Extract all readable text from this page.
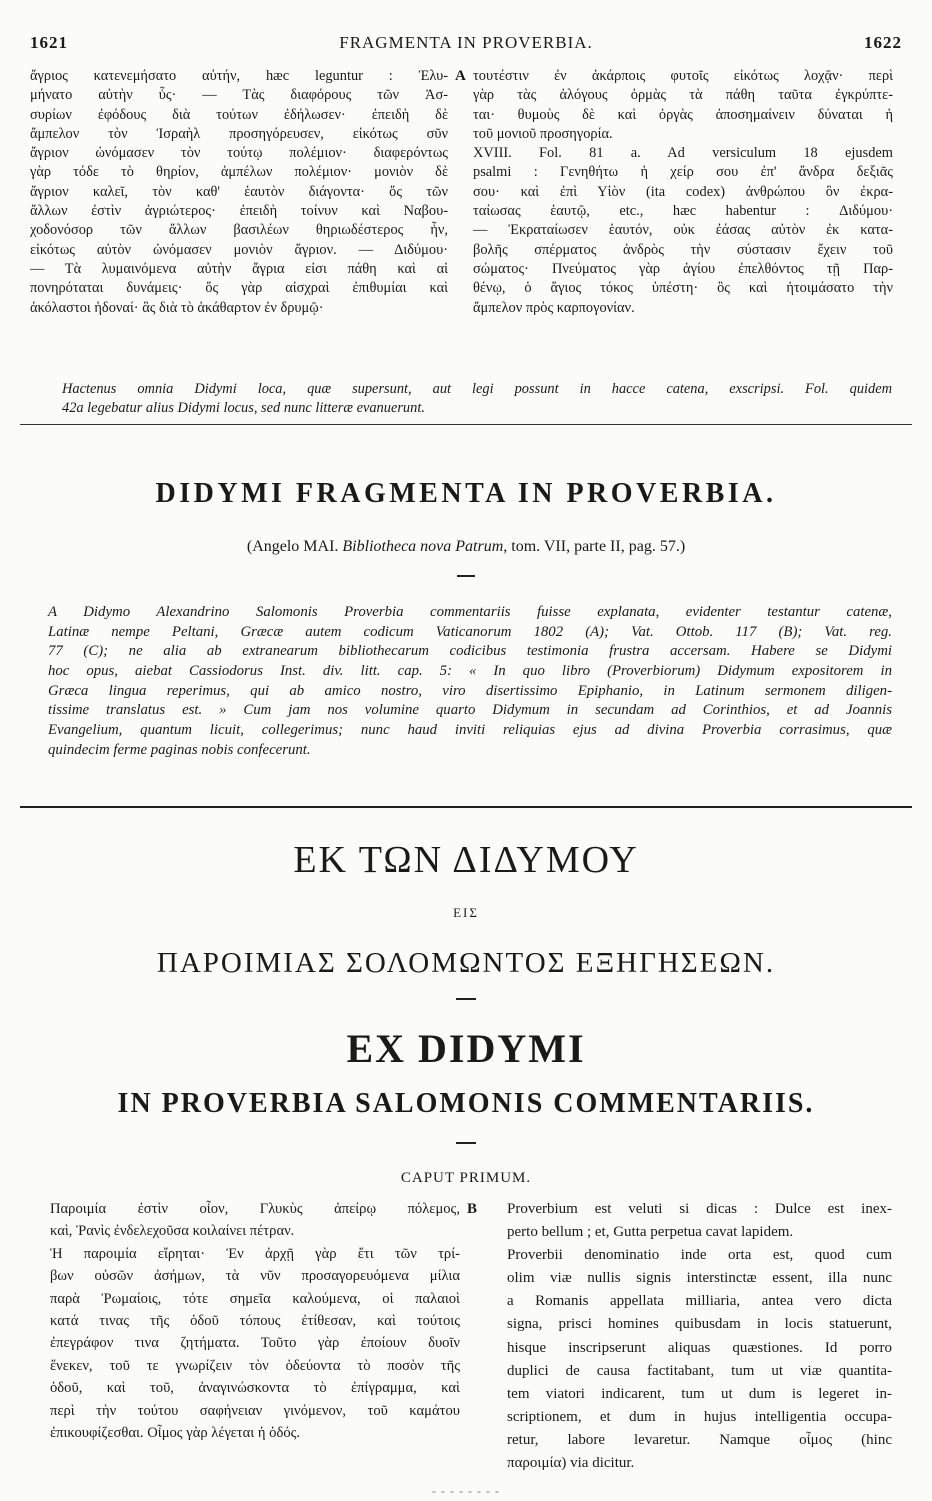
1621	FRAGMENTA IN PROVERBIA.	1622
ἄγριος κατενεμήσατο αὐτήν, hæc leguntur : Ἐλυ-
μήνατο αὐτὴν ὗς· — Τὰς διαφόρους τῶν Ἀσ-
συρίων ἐφόδους διὰ τούτων ἐδήλωσεν· ἐπειδὴ δὲ
ἄμπελον τὸν Ἰσραὴλ προσηγόρευσεν, εἰκότως σῦν
ἄγριον ὠνόμασεν τὸν τούτῳ πολέμιον· διαφερόντως
γὰρ τόδε τὸ θηρίον, ἀμπέλων πολέμιον· μονιὸν δὲ
ἄγριον καλεῖ, τὸν καθ' ἑαυτὸν διάγοντα· ὅς τῶν
ἄλλων ἐστὶν ἀγριώτερος· ἐπειδὴ τοίνυν καὶ Ναβου-
χοδονόσορ τῶν ἄλλων βασιλέων θηριωδέστερος ἦν,
εἰκότως αὐτὸν ὠνόμασεν μονιὸν ἄγριον. — Διδύμου·
— Τὰ λυμαινόμενα αὐτὴν ἄγρια εἰσι πάθη καὶ αἱ
πονηρόταται δυνάμεις· ὅς γὰρ αἰσχραὶ ἐπιθυμίαι καὶ
ἀκόλαστοι ἡδοναί· ἃς διὰ τὸ ἀκάθαρτον ἐν δρυμῷ·
A τουτέστιν ἐν ἀκάρποις φυτοῖς εἰκότως λοχᾷν· περὶ
γὰρ τὰς ἀλόγους ὁρμὰς τὰ πάθη ταῦτα ἐγκρύπτε-
ται· θυμοὺς δὲ καὶ ὀργὰς ἀποσημαίνειν δύναται ἡ
τοῦ μονιοῦ προσηγορία.
XVIII. Fol. 81 a. Ad versiculum 18 ejusdem
psalmi : Γενηθήτω ἡ χείρ σου ἐπ' ἄνδρα δεξιᾶς
σου· καὶ ἐπὶ Υἱὸν (ita codex) ἀνθρώπου ὃν ἐκρα-
ταίωσας ἑαυτῷ, etc., hæc habentur : Διδύμου·
— Ἐκραταίωσεν ἑαυτόν, οὐκ ἐάσας αὐτὸν ἐκ κατα-
βολῆς σπέρματος ἀνδρὸς τὴν σύστασιν ἔχειν τοῦ
σώματος· Πνεύματος γὰρ ἁγίου ἐπελθόντος τῇ Παρ-
θένῳ, ὁ ἅγιος τόκος ὑπέστη· ὃς καὶ ἡτοιμάσατο τὴν
ἄμπελον πρὸς καρπογονίαν.
Hactenus omnia Didymi loca, quæ supersunt, aut legi possunt in hacce catena, exscripsi. Fol. quidem
42a legebatur alius Didymi locus, sed nunc litteræ evanuerunt.
DIDYMI FRAGMENTA IN PROVERBIA.
(Angelo MAI. Bibliotheca nova Patrum, tom. VII, parte II, pag. 57.)
A Didymo Alexandrino Salomonis Proverbia commentariis fuisse explanata, evidenter testantur catenæ,
Latinæ nempe Peltani, Græcæ autem codicum Vaticanorum 1802 (A); Vat. Ottob. 117 (B); Vat. reg.
77 (C); ne alia ab extranearum bibliothecarum codicibus testimonia frustra accersam. Habere se Didymi
hoc opus, aiebat Cassiodorus Inst. div. litt. cap. 5: « In quo libro (Proverbiorum) Didymum expositorem in
Græca lingua reperimus, qui ab amico nostro, viro disertissimo Epiphanio, in Latinum sermonem diligen-
tissime translatus est. » Cum jam nos volumine quarto Didymum in secundam ad Corinthios, et ad Joannis
Evangelium, quantum licuit, collegerimus; nunc haud inviti reliquias ejus ad divina Proverbia corrasimus, quæ
quindecim ferme paginas nobis confecerunt.
ΕΚ ΤΩΝ ΔΙΔΥΜΟΥ
ΕΙΣ
ΠΑΡΟΙΜΙΑΣ ΣΟΛΟΜΩΝΤΟΣ ΕΞΗΓΗΣΕΩΝ.
EX DIDYMI
IN PROVERBIA SALOMONIS COMMENTARIIS.
CAPUT PRIMUM.
Παροιμία ἐστὶν οἷον, Γλυκὺς ἀπείρῳ πόλεμος,
καὶ, Ῥανὶς ἐνδελεχοῦσα κοιλαίνει πέτραν.
Ἡ παροιμία εἴρηται· Ἐν ἀρχῇ γὰρ ἔτι τῶν τρί-
βων οὐσῶν ἀσήμων, τὰ νῦν προσαγορευόμενα μίλια
παρὰ Ῥωμαίοις, τότε σημεῖα καλούμενα, οἱ παλαιοὶ
κατά τινας τῆς ὁδοῦ τόπους ἐτίθεσαν, καὶ τούτοις
ἐπεγράφον τινα ζητήματα. Τοῦτο γὰρ ἐποίουν δυοῖν
ἕνεκεν, τοῦ τε γνωρίζειν τὸν ὁδεύοντα τὸ ποσὸν τῆς
ὁδοῦ, καὶ τοῦ, ἀναγινώσκοντα τὸ ἐπίγραμμα, καὶ
περὶ τὴν τούτου σαφήνειαν γινόμενον, τοῦ καμάτου
ἐπικουφίζεσθαι. Οἶμος γὰρ λέγεται ἡ ὁδός.
B Proverbium est veluti si dicas : Dulce est inex-
perto bellum ; et, Gutta perpetua cavat lapidem.
Proverbii denominatio inde orta est, quod cum
olim viæ nullis signis interstinctæ essent, illa nunc
a Romanis appellata milliaria, antea vero dicta
signa, prisci homines quibusdam in locis statuerunt,
hisque inscripserunt aliquas quæstiones. Id porro
duplici de causa factitabant, tum ut viæ quantita-
tem viatori indicarent, tum ut dum is legeret in-
scriptionem, et dum in hujus intelligentia occupa-
retur, labore levaretur. Namque οἶμος (hinc
παροιμία) via dicitur.
- - - - - - - -
